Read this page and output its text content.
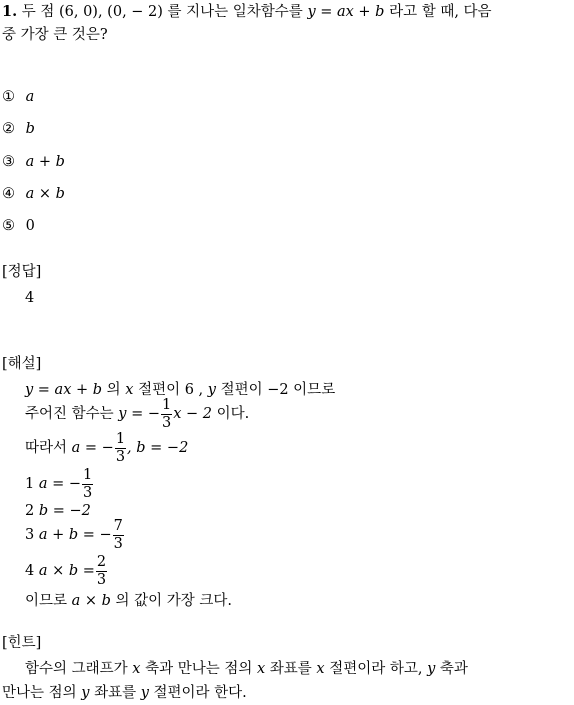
1. 두 점 (6, 0), (0, − 2) 를 지나는 일차함수를 y = ax + b 라고 할 때, 다음
중 가장 큰 것은?
① a
② b
③ a + b
④ a × b
⑤ 0
[정답]
4
[해설]
y = ax + b 의 x 절편이 6 , y 절편이 −2 이므로
주어진 함수는 y = − $\frac{1}{3}$ x − 2 이다.
따라서 a = − $\frac{1}{3}$ , b = −2
1 a = − $\frac{1}{3}$
2 b = −2
3 a + b = − $\frac{7}{3}$
4 $a \times b = \frac{2}{3}$
이므로 a × b 의 값이 가장 크다.
[힌트]
함수의 그래프가 x 축과 만나는 점의 x 좌표를 x 절편이라 하고, y 축과
만나는 점의 y 좌표를 y 절편이라 한다.
